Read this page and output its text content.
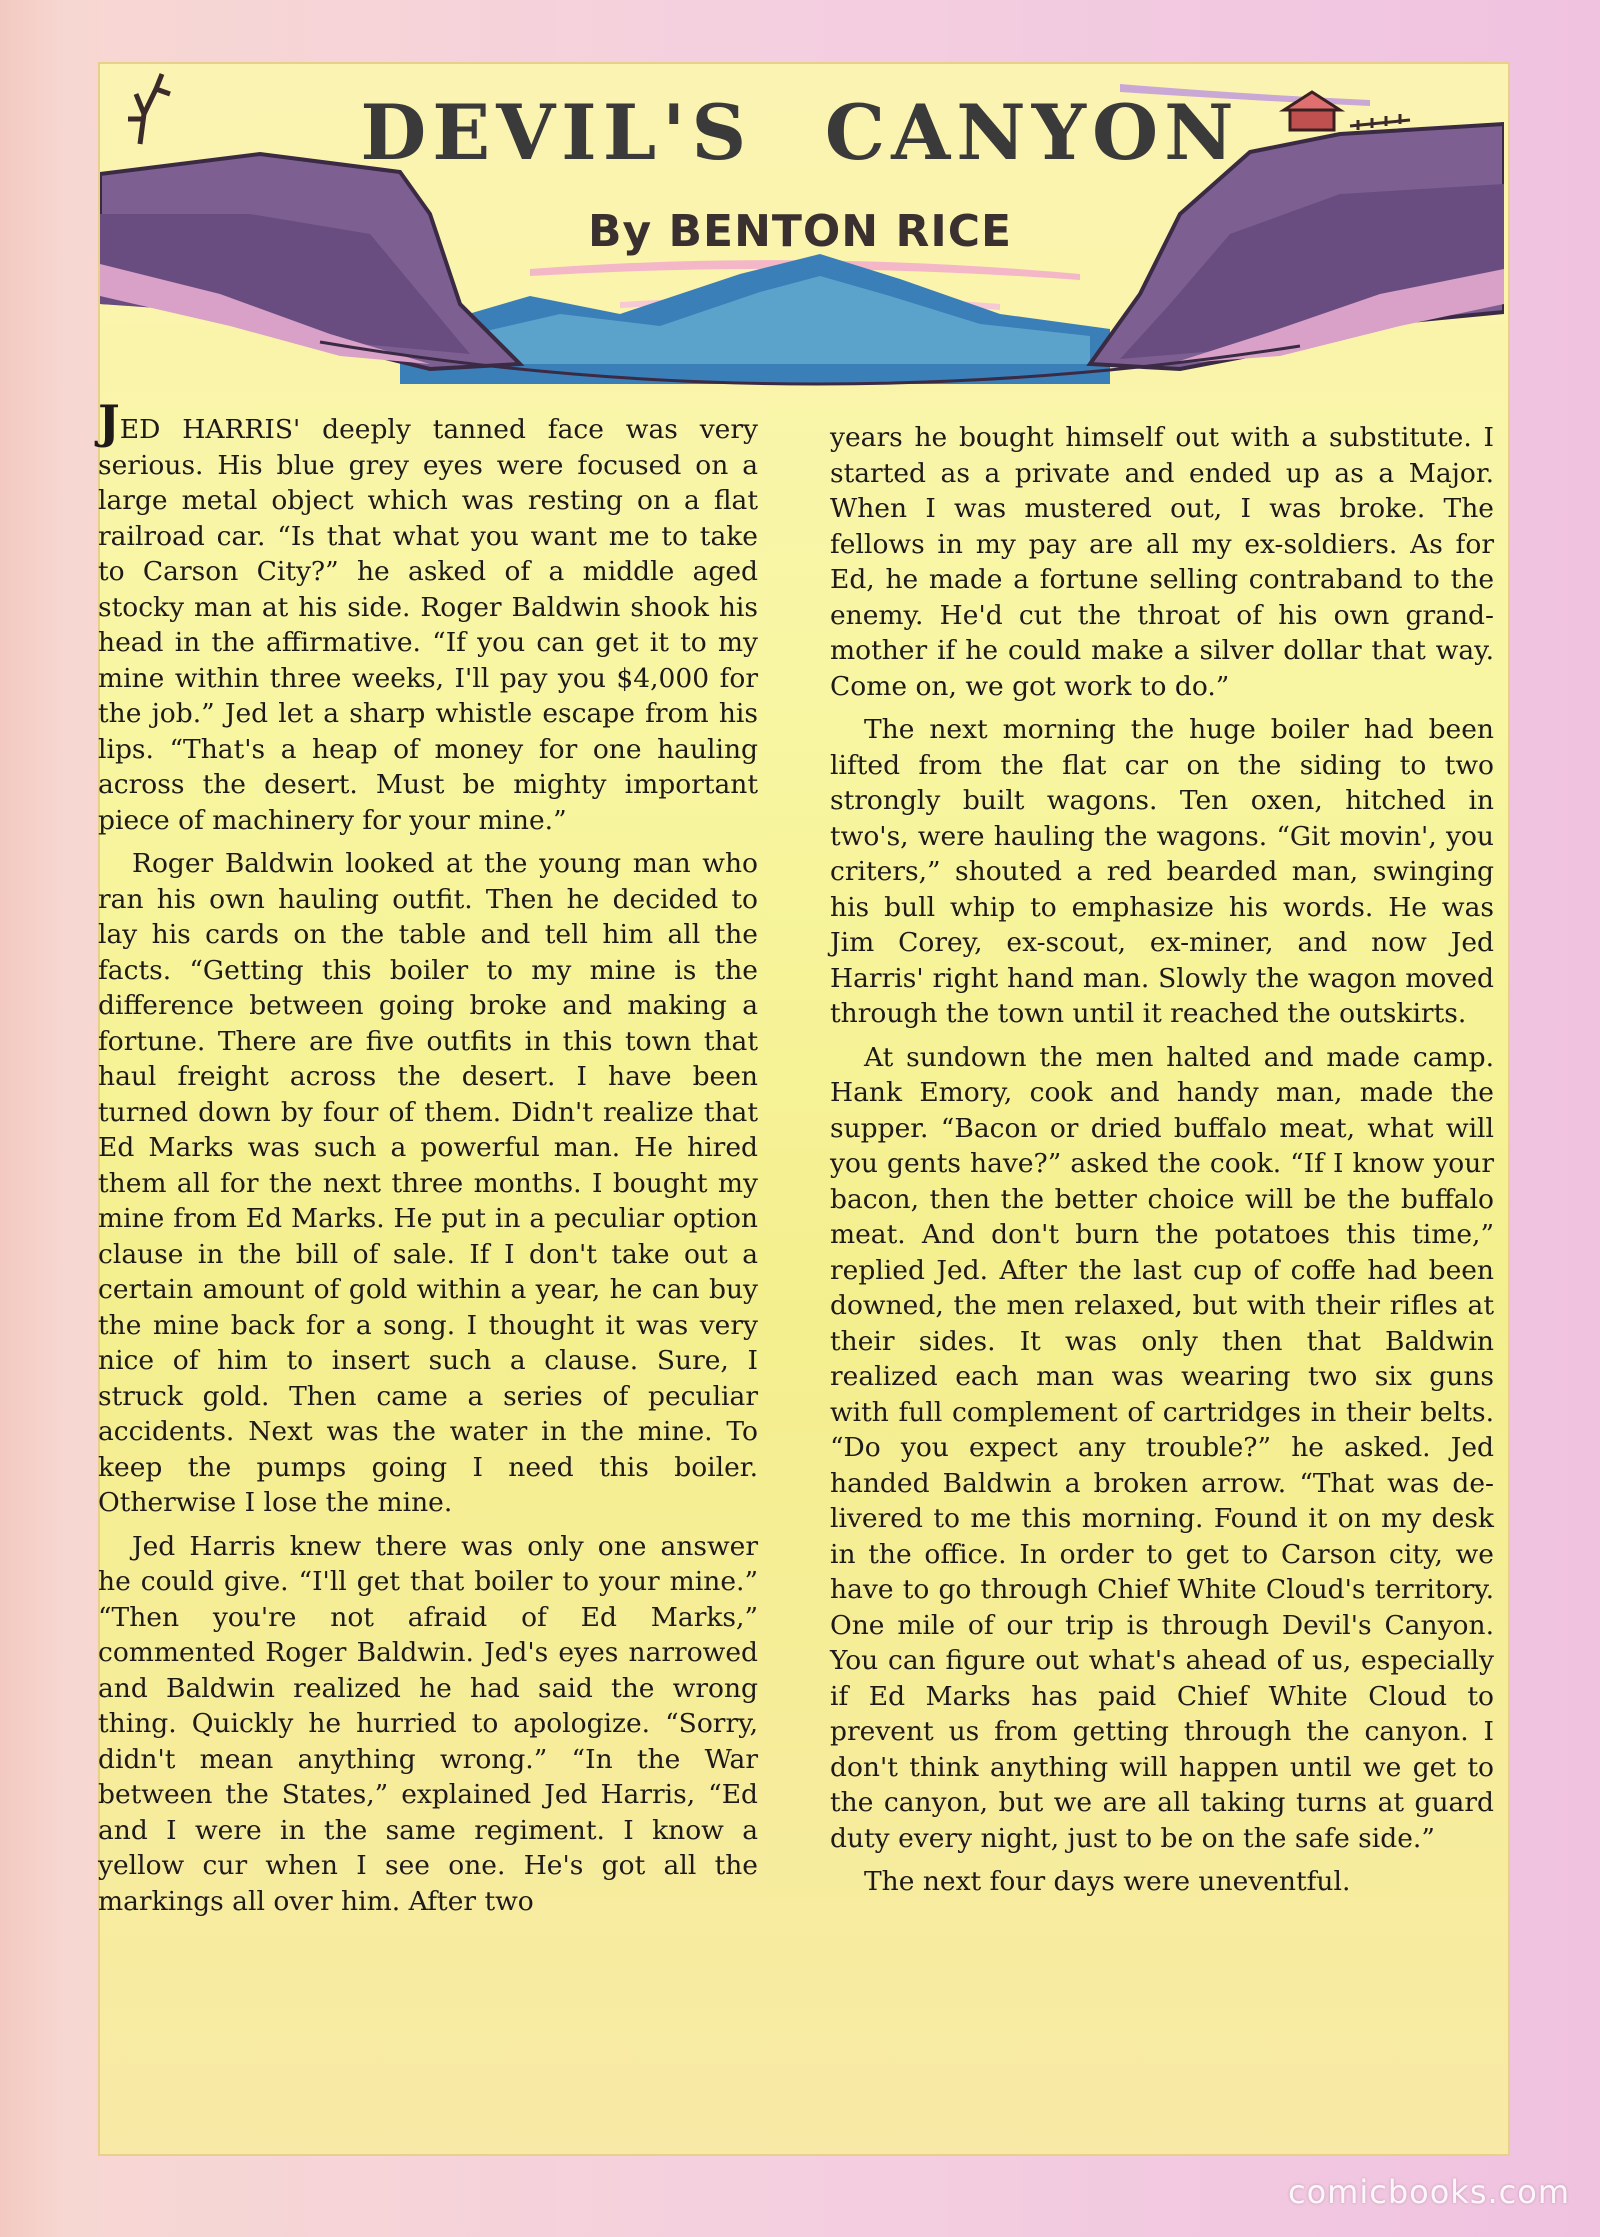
DEVIL'S CANYON
By BENTON RICE

JED HARRIS' deeply tanned face was very serious. His blue grey eyes were focused on a large metal object which was resting on a flat railroad car. “Is that what you want me to take to Carson City?” he asked of a middle aged stocky man at his side. Roger Baldwin shook his head in the affirmative. “If you can get it to my mine within three weeks, I'll pay you $4,000 for the job.” Jed let a sharp whistle escape from his lips. “That's a heap of money for one hauling across the desert. Must be mighty important piece of machinery for your mine.”

Roger Baldwin looked at the young man who ran his own hauling outfit. Then he decided to lay his cards on the table and tell him all the facts. “Getting this boiler to my mine is the difference between going broke and making a fortune. There are five outfits in this town that haul freight across the desert. I have been turned down by four of them. Didn't realize that Ed Marks was such a powerful man. He hired them all for the next three months. I bought my mine from Ed Marks. He put in a peculiar option clause in the bill of sale. If I don't take out a certain amount of gold within a year, he can buy the mine back for a song. I thought it was very nice of him to insert such a clause. Sure, I struck gold. Then came a series of peculiar accidents. Next was the water in the mine. To keep the pumps going I need this boiler. Otherwise I lose the mine.

Jed Harris knew there was only one answer he could give. “I'll get that boiler to your mine.” “Then you're not afraid of Ed Marks,” commented Roger Baldwin. Jed's eyes narrowed and Baldwin realized he had said the wrong thing. Quickly he hurried to apologize. “Sorry, didn't mean anything wrong.” “In the War between the States,” explained Jed Harris, “Ed and I were in the same regiment. I know a yellow cur when I see one. He's got all the markings all over him. After two

years he bought himself out with a substitute. I started as a private and ended up as a Major. When I was mustered out, I was broke. The fellows in my pay are all my ex-soldiers. As for Ed, he made a fortune selling contraband to the enemy. He'd cut the throat of his own grandmother if he could make a silver dollar that way. Come on, we got work to do.”

The next morning the huge boiler had been lifted from the flat car on the siding to two strongly built wagons. Ten oxen, hitched in two's, were hauling the wagons. “Git movin', you criters,” shouted a red bearded man, swinging his bull whip to emphasize his words. He was Jim Corey, ex-scout, ex-miner, and now Jed Harris' right hand man. Slowly the wagon moved through the town until it reached the outskirts.

At sundown the men halted and made camp. Hank Emory, cook and handy man, made the supper. “Bacon or dried buffalo meat, what will you gents have?” asked the cook. “If I know your bacon, then the better choice will be the buffalo meat. And don't burn the potatoes this time,” replied Jed. After the last cup of coffe had been downed, the men relaxed, but with their rifles at their sides. It was only then that Baldwin realized each man was wearing two six guns with full complement of cartridges in their belts. “Do you expect any trouble?” he asked. Jed handed Baldwin a broken arrow. “That was delivered to me this morning. Found it on my desk in the office. In order to get to Carson city, we have to go through Chief White Cloud's territory. One mile of our trip is through Devil's Canyon. You can figure out what's ahead of us, especially if Ed Marks has paid Chief White Cloud to prevent us from getting through the canyon. I don't think anything will happen until we get to the canyon, but we are all taking turns at guard duty every night, just to be on the safe side.”

The next four days were uneventful.

comicbooks.com
